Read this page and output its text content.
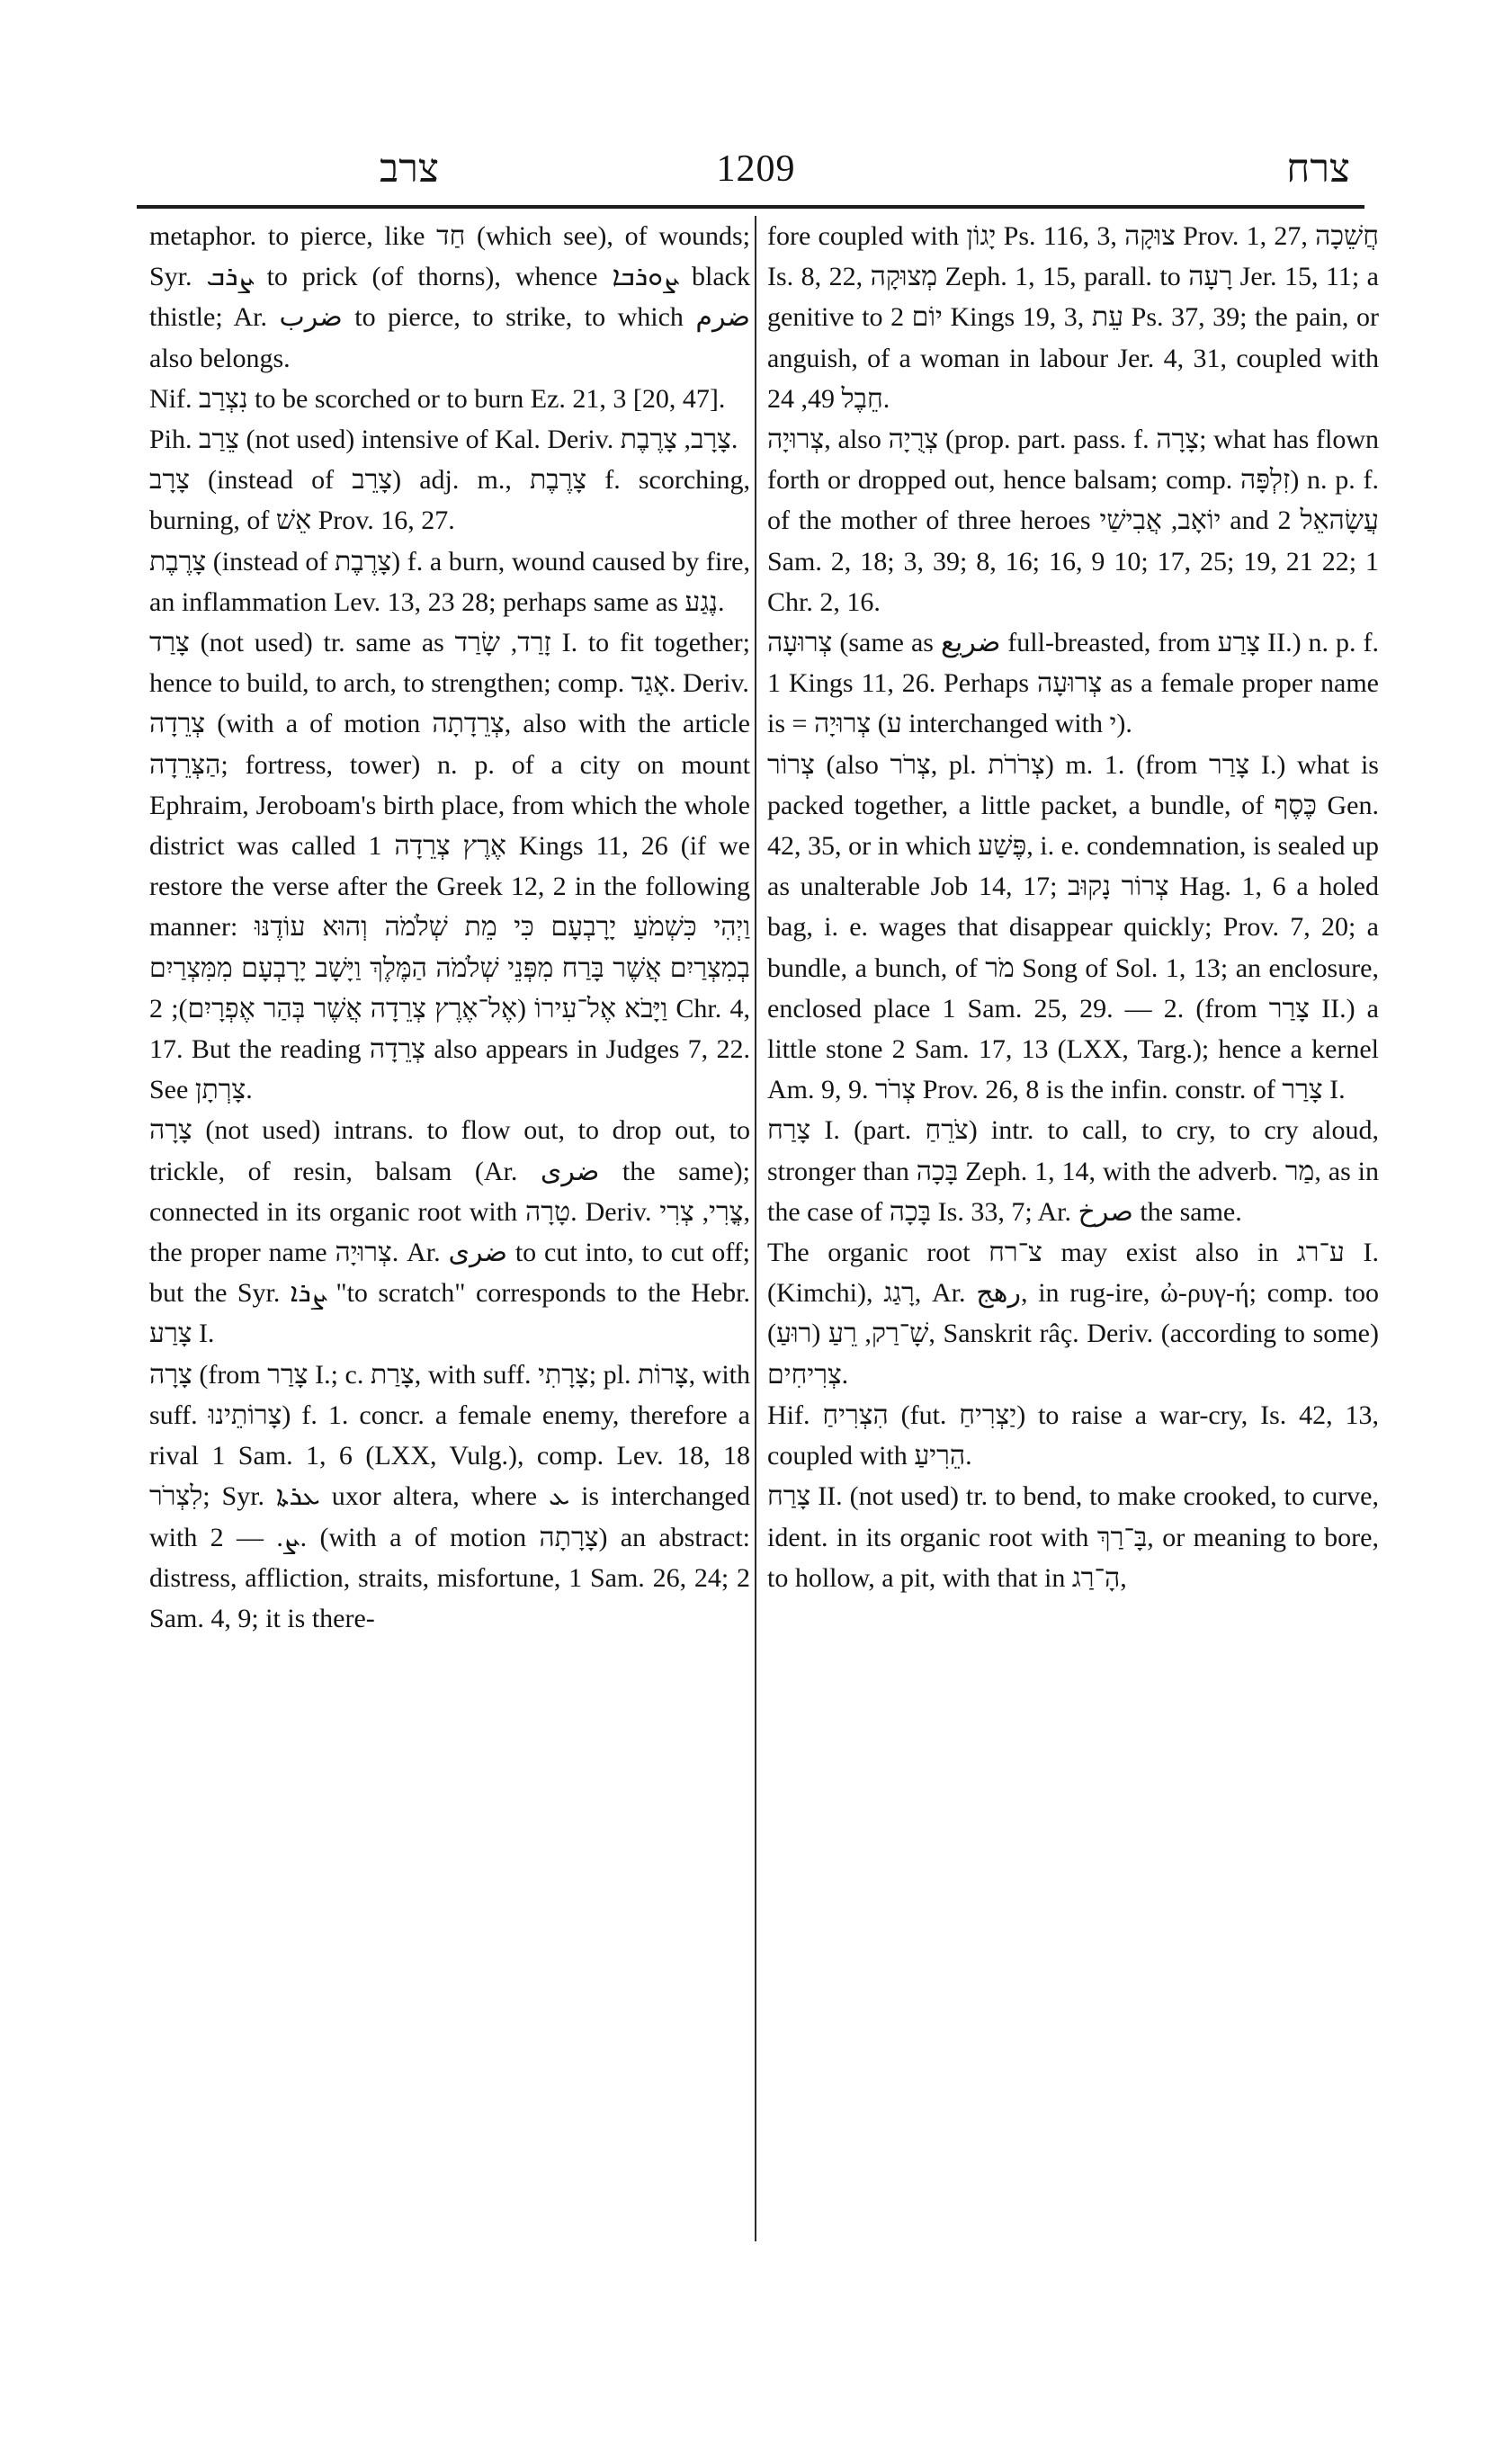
צרב	1209	צרח

metaphor. to pierce, like חַד (which see), of wounds; Syr. ܨܪܒ to prick (of thorns), whence ܨܘܪܒܐ black thistle; Ar. ضرب to pierce, to strike, to which ضرم also belongs.

Nif. נִצְרַב to be scorched or to burn Ez. 21, 3 [20, 47].

Pih. צֵרַב (not used) intensive of Kal. Deriv. צָרָב, צָרֶבֶת.

צָרָב (instead of צָרֵב) adj. m., צָרֶבֶת f. scorching, burning, of אֵשׁ Prov. 16, 27.

צָרֶבֶת (instead of צָרֶבֶת) f. a burn, wound caused by fire, an inflammation Lev. 13, 23 28; perhaps same as נֶגַע.

צָרַד (not used) tr. same as זָרַד, שָׂרַד I. to fit together; hence to build, to arch, to strengthen; comp. אָגַד. Deriv.

צְרֵדָה (with a of motion צְרֵדָתָה, also with the article הַצְּרֵדָה; fortress, tower) n. p. of a city on mount Ephraim, Jeroboam's birth place, from which the whole district was called אֶרֶץ צְרֵדָה 1 Kings 11, 26 (if we restore the verse after the Greek 12, 2 in the following manner: וַיְהִי כִּשְׁמֹעַ יָרָבְעָם כִּי מֵת שְׁלֹמֹה וְהוּא עוֹדֶנּוּ בְמִצְרַיִם אֲשֶׁר בָּרַח מִפְּנֵי שְׁלֹמֹה הַמֶּלֶךְ וַיָּשָׁב יָרָבְעָם מִמִּצְרַיִם וַיָּבֹא אֶל־עִירוֹ (אֶל־אֶרֶץ צְרֵדָה אֲשֶׁר בְּהַר אֶפְרָיִם); 2 Chr. 4, 17. But the reading צְרֵדָה also appears in Judges 7, 22. See צָרְתָן.

צָרָה (not used) intrans. to flow out, to drop out, to trickle, of resin, balsam (Ar. ضرى the same); connected in its organic root with טָרָה. Deriv. צֳרִי, צְרִי, the proper name צְרוּיָה. Ar. ضرى to cut into, to cut off; but the Syr. ܨܪܐ "to scratch" corresponds to the Hebr. צָרַע I.

צָרָה (from צָרַר I.; c. צָרַת, with suff. צָרָתִי; pl. צָרוֹת, with suff. צָרוֹתֵינוּ) f. 1. concr. a female enemy, therefore a rival 1 Sam. 1, 6 (LXX, Vulg.), comp. Lev. 18, 18 לִצְרֹר; Syr. ܥܪܬܐ uxor altera, where ܥ is interchanged with ܨ. — 2. (with a of motion צָרָתָה) an abstract: distress, affliction, straits, misfortune, 1 Sam. 26, 24; 2 Sam. 4, 9; it is there-

fore coupled with יָגוֹן Ps. 116, 3, צוּקָה Prov. 1, 27, חֲשֵׁכָה Is. 8, 22, מְצוּקָה Zeph. 1, 15, parall. to רָעָה Jer. 15, 11; a genitive to יוֹם 2 Kings 19, 3, עֵת Ps. 37, 39; the pain, or anguish, of a woman in labour Jer. 4, 31, coupled with חֵבֶל 49, 24.

צְרוּיָה, also צְרֻיָה (prop. part. pass. f. צָרָה; what has flown forth or dropped out, hence balsam; comp. זִלְפָּה) n. p. f. of the mother of three heroes יוֹאָב, אֲבִישַׁי and עֲשָׂהאֵל 2 Sam. 2, 18; 3, 39; 8, 16; 16, 9 10; 17, 25; 19, 21 22; 1 Chr. 2, 16.

צְרוּעָה (same as ضريع full-breasted, from צָרַע II.) n. p. f. 1 Kings 11, 26. Perhaps צְרוּעָה as a female proper name is = צְרוּיָה (ע interchanged with י).

צְרוֹר (also צְרֹר, pl. צְרֹרֹת) m. 1. (from צָרַר I.) what is packed together, a little packet, a bundle, of כֶּסֶף Gen. 42, 35, or in which פֶּשַׁע, i. e. condemnation, is sealed up as unalterable Job 14, 17; צְרוֹר נָקוּב Hag. 1, 6 a holed bag, i. e. wages that disappear quickly; Prov. 7, 20; a bundle, a bunch, of מֹר Song of Sol. 1, 13; an enclosure, enclosed place 1 Sam. 25, 29. — 2. (from צָרַר II.) a little stone 2 Sam. 17, 13 (LXX, Targ.); hence a kernel Am. 9, 9. צְרֹר Prov. 26, 8 is the infin. constr. of צָרַר I.

צָרַח I. (part. צֹרֵחַ) intr. to call, to cry, to cry aloud, stronger than בָּכָה Zeph. 1, 14, with the adverb. מַר, as in the case of בָּכָה Is. 33, 7; Ar. صرخ the same.

The organic root צ־רח may exist also in ע־רג I. (Kimchi), רָגַג, Ar. رهج, in rug-ire, ὠ-ρυγ-ή; comp. too שָׁ־רַק, רֵעַ (רוּעַ), Sanskrit râç. Deriv. (according to some) צְרִיחִים.

Hif. הִצְרִיחַ (fut. יַצְרִיחַ) to raise a war-cry, Is. 42, 13, coupled with הֵרִיעַ.

צָרַח II. (not used) tr. to bend, to make crooked, to curve, ident. in its organic root with בָּ־רַךְ, or meaning to bore, to hollow, a pit, with that in הָ־רַג,
